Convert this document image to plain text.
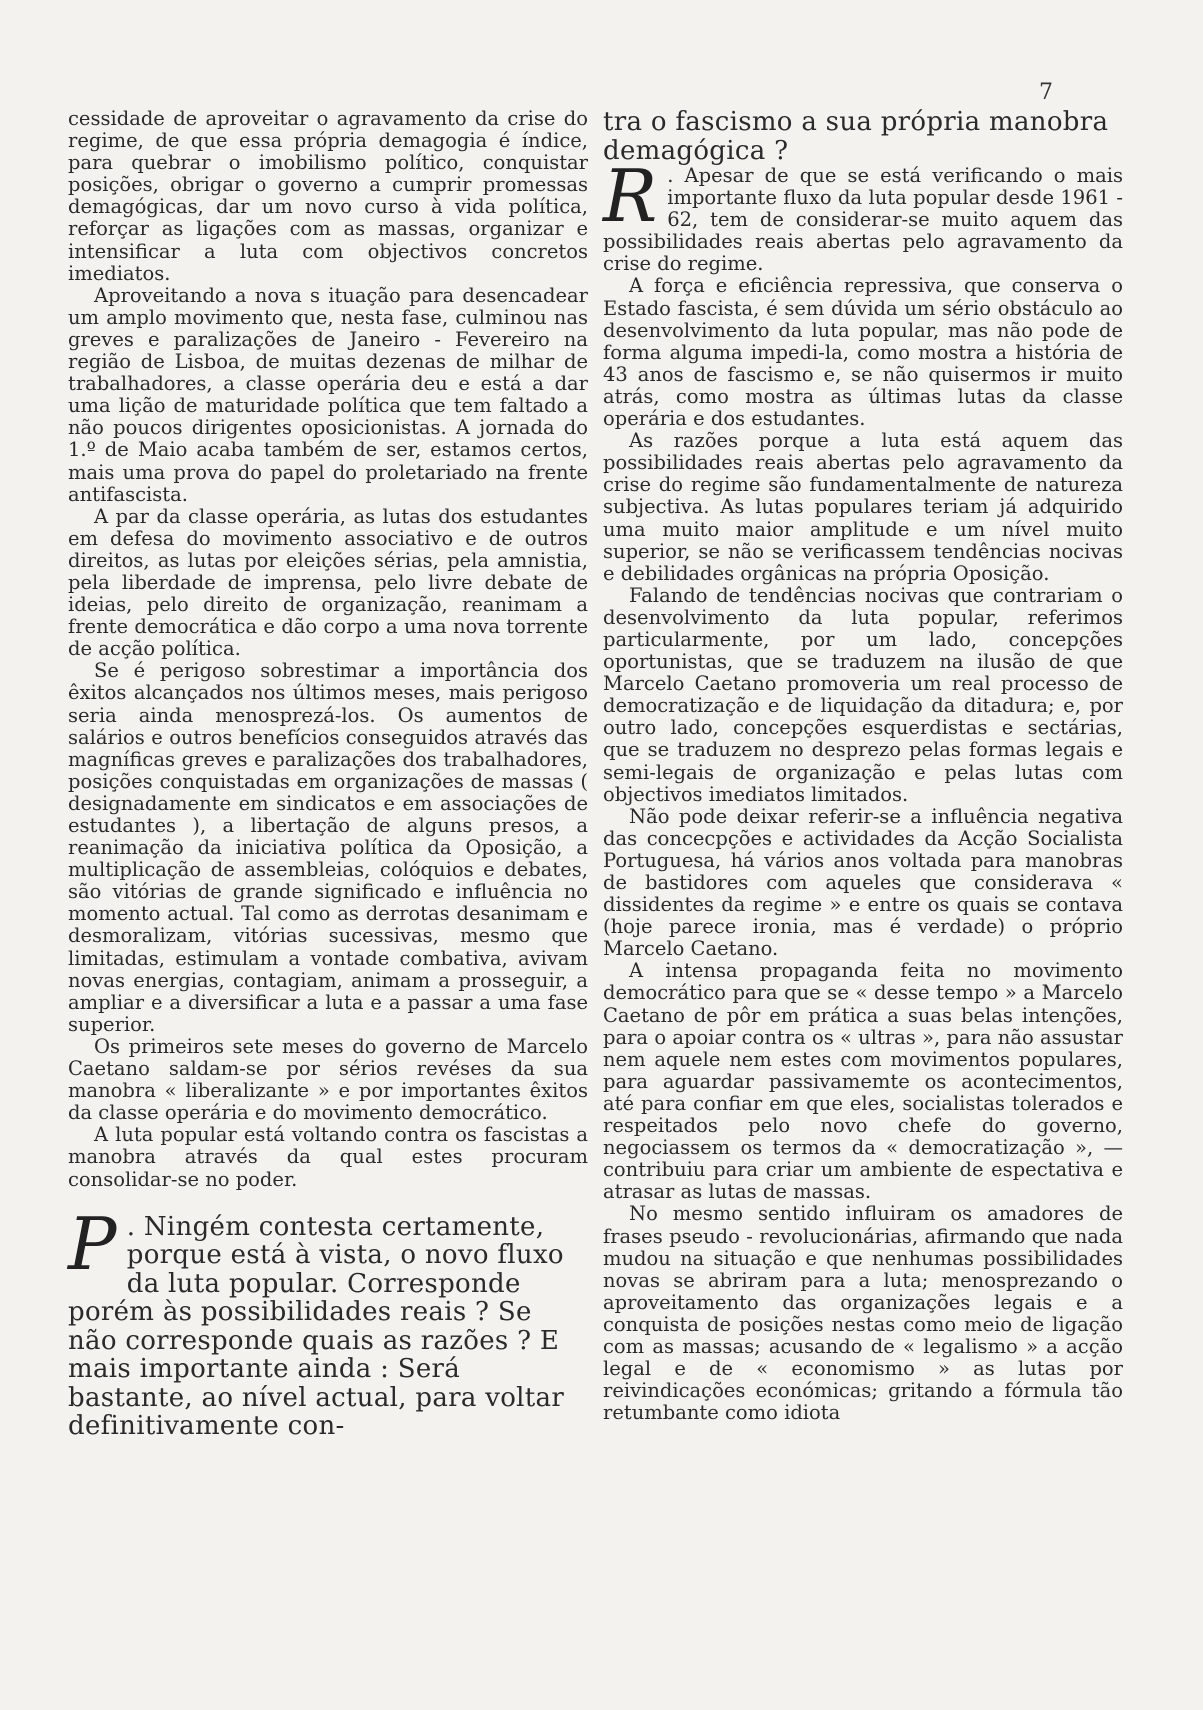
7

cessidade de aproveitar o agravamento da crise do regime, de que essa própria demagogia é índice, para quebrar o imobilismo político, conquistar posições, obrigar o governo a cumprir promessas demagógicas, dar um novo curso à vida política, reforçar as ligações com as massas, organizar e intensificar a luta com objectivos concretos imediatos.

Aproveitando a nova s ituação para desencadear um amplo movimento que, nesta fase, culminou nas greves e paralizações de Janeiro - Fevereiro na região de Lisboa, de muitas dezenas de milhar de trabalhadores, a classe operária deu e está a dar uma lição de maturidade política que tem faltado a não poucos dirigentes oposicionistas. A jornada do 1.º de Maio acaba também de ser, estamos certos, mais uma prova do papel do proletariado na frente antifascista.

A par da classe operária, as lutas dos estudantes em defesa do movimento associativo e de outros direitos, as lutas por eleições sérias, pela amnistia, pela liberdade de imprensa, pelo livre debate de ideias, pelo direito de organização, reanimam a frente democrática e dão corpo a uma nova torrente de acção política.

Se é perigoso sobrestimar a importância dos êxitos alcançados nos últimos meses, mais perigoso seria ainda menosprezá-los. Os aumentos de salários e outros benefícios conseguidos através das magníficas greves e paralizações dos trabalhadores, posições conquistadas em organizações de massas ( designadamente em sindicatos e em associações de estudantes ), a libertação de alguns presos, a reanimação da iniciativa política da Oposição, a multiplicação de assembleias, colóquios e debates, são vitórias de grande significado e influência no momento actual. Tal como as derrotas desanimam e desmoralizam, vitórias sucessivas, mesmo que limitadas, estimulam a vontade combativa, avivam novas energias, contagiam, animam a prosseguir, a ampliar e a diversificar a luta e a passar a uma fase superior.

Os primeiros sete meses do governo de Marcelo Caetano saldam-se por sérios revéses da sua manobra « liberalizante » e por importantes êxitos da classe operária e do movimento democrático.

A luta popular está voltando contra os fascistas a manobra através da qual estes procuram consolidar-se no poder.

P . Ningém contesta certamente, porque está à vista, o novo fluxo da luta popular. Corresponde porém às possibilidades reais ? Se não corresponde quais as razões ? E mais importante ainda : Será bastante, ao nível actual, para voltar definitivamente con-

tra o fascismo a sua própria manobra demagógica ?

R . Apesar de que se está verificando o mais importante fluxo da luta popular desde 1961 - 62, tem de considerar-se muito aquem das possibilidades reais abertas pelo agravamento da crise do regime.

A força e eficiência repressiva, que conserva o Estado fascista, é sem dúvida um sério obstáculo ao desenvolvimento da luta popular, mas não pode de forma alguma impedi-la, como mostra a história de 43 anos de fascismo e, se não quisermos ir muito atrás, como mostra as últimas lutas da classe operária e dos estudantes.

As razões porque a luta está aquem das possibilidades reais abertas pelo agravamento da crise do regime são fundamentalmente de natureza subjectiva. As lutas populares teriam já adquirido uma muito maior amplitude e um nível muito superior, se não se verificassem tendências nocivas e debilidades orgânicas na própria Oposição.

Falando de tendências nocivas que contrariam o desenvolvimento da luta popular, referimos particularmente, por um lado, concepções oportunistas, que se traduzem na ilusão de que Marcelo Caetano promoveria um real processo de democratização e de liquidação da ditadura; e, por outro lado, concepções esquerdistas e sectárias, que se traduzem no desprezo pelas formas legais e semi-legais de organização e pelas lutas com objectivos imediatos limitados.

Não pode deixar referir-se a influência negativa das concecpções e actividades da Acção Socialista Portuguesa, há vários anos voltada para manobras de bastidores com aqueles que considerava « dissidentes da regime » e entre os quais se contava (hoje parece ironia, mas é verdade) o próprio Marcelo Caetano.

A intensa propaganda feita no movimento democrático para que se « desse tempo » a Marcelo Caetano de pôr em prática a suas belas intenções, para o apoiar contra os « ultras », para não assustar nem aquele nem estes com movimentos populares, para aguardar passivamemte os acontecimentos, até para confiar em que eles, socialistas tolerados e respeitados pelo novo chefe do governo, negociassem os termos da « democratização », — contribuiu para criar um ambiente de espectativa e atrasar as lutas de massas.

No mesmo sentido influiram os amadores de frases pseudo - revolucionárias, afirmando que nada mudou na situação e que nenhumas possibilidades novas se abriram para a luta; menosprezando o aproveitamento das organizações legais e a conquista de posições nestas como meio de ligação com as massas; acusando de « legalismo » a acção legal e de « economismo » as lutas por reivindicações económicas; gritando a fórmula tão retumbante como idiota
